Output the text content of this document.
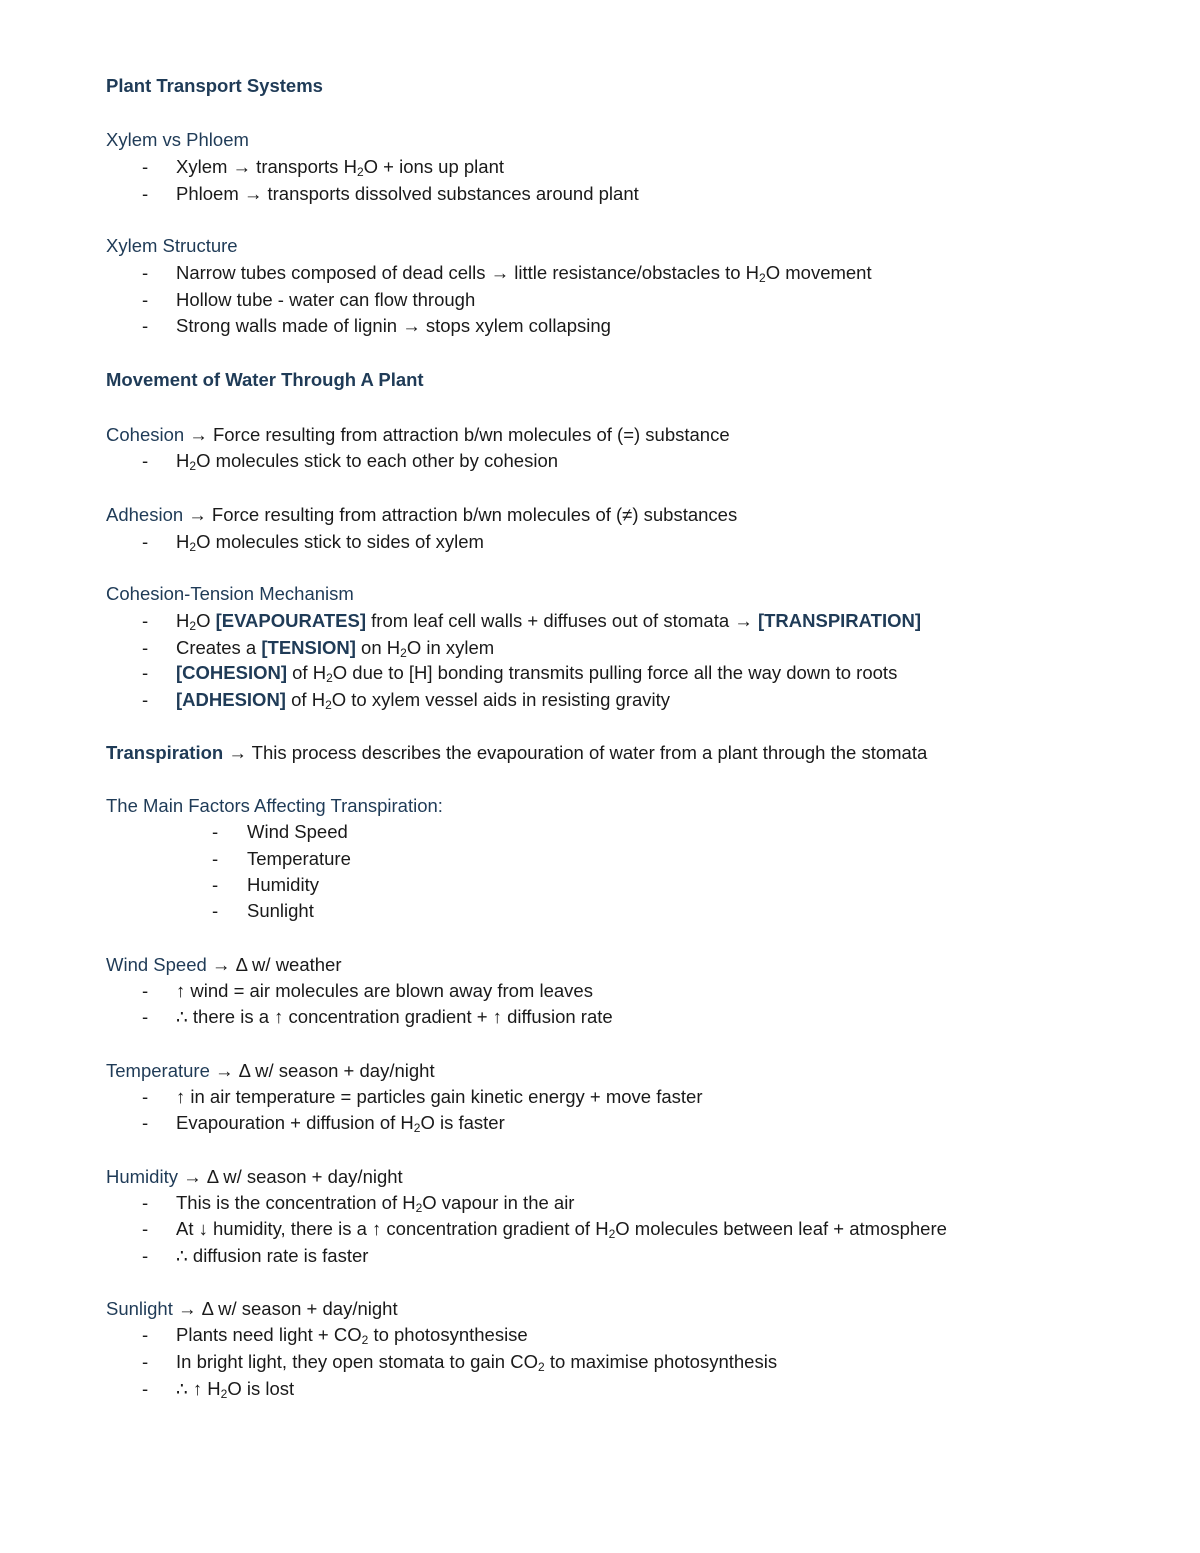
Plant Transport Systems
Xylem vs Phloem
- Xylem → transports $H_2O$ + ions up plant
- Phloem → transports dissolved substances around plant
Xylem Structure
- Narrow tubes composed of dead cells → little resistance/obstacles to $H_2O$ movement
- Hollow tube - water can flow through
- Strong walls made of lignin → stops xylem collapsing
Movement of Water Through A Plant
Cohesion → Force resulting from attraction b/wn molecules of (=) substance
- $H_2O$ molecules stick to each other by cohesion
Adhesion → Force resulting from attraction b/wn molecules of (≠) substances
- $H_2O$ molecules stick to sides of xylem
Cohesion-Tension Mechanism
- $H_2O$ [EVAPOURATES] from leaf cell walls + diffuses out of stomata → [TRANSPIRATION]
- Creates a [TENSION] on $H_2O$ in xylem
- [COHESION] of $H_2O$ due to [H] bonding transmits pulling force all the way down to roots
- [ADHESION] of $H_2O$ to xylem vessel aids in resisting gravity
Transpiration → This process describes the evapouration of water from a plant through the stomata
The Main Factors Affecting Transpiration:
- Wind Speed
- Temperature
- Humidity
- Sunlight
Wind Speed → Δ w/ weather
- ↑ wind = air molecules are blown away from leaves
- ∴ there is a ↑ concentration gradient + ↑ diffusion rate
Temperature → Δ w/ season + day/night
- ↑ in air temperature = particles gain kinetic energy + move faster
- Evapouration + diffusion of $H_2O$ is faster
Humidity → Δ w/ season + day/night
- This is the concentration of $H_2O$ vapour in the air
- At ↓ humidity, there is a ↑ concentration gradient of $H_2O$ molecules between leaf + atmosphere
- ∴ diffusion rate is faster
Sunlight → Δ w/ season + day/night
- Plants need light + $CO_2$ to photosynthesise
- In bright light, they open stomata to gain $CO_2$ to maximise photosynthesis
- ∴ ↑ $H_2O$ is lost
